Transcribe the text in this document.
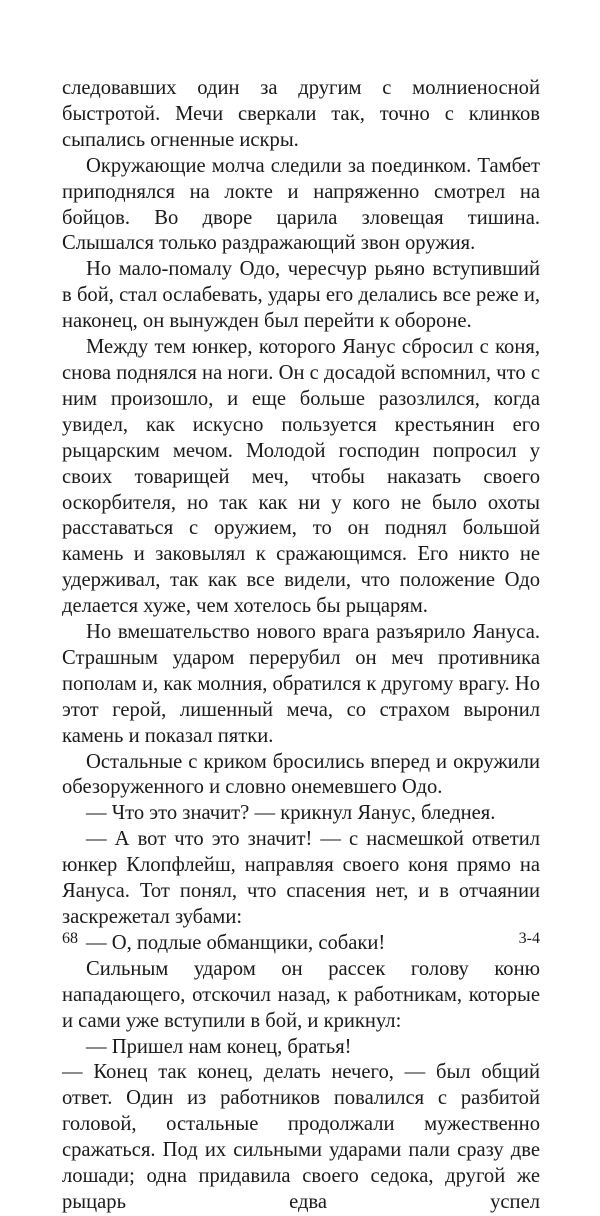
следовавших один за другим с молниеносной быстротой. Мечи сверкали так, точно с клинков сыпались огненные искры.

Окружающие молча следили за поединком. Тамбет приподнялся на локте и напряженно смотрел на бойцов. Во дворе царила зловещая тишина. Слышался только раздражающий звон оружия.

Но мало-помалу Одо, чересчур рьяно вступивший в бой, стал ослабевать, удары его делались все реже и, наконец, он вынужден был перейти к обороне.

Между тем юнкер, которого Яанус сбросил с коня, снова поднялся на ноги. Он с досадой вспомнил, что с ним произошло, и еще больше разозлился, когда увидел, как искусно пользуется крестьянин его рыцарским мечом. Молодой господин попросил у своих товарищей меч, чтобы наказать своего оскорбителя, но так как ни у кого не было охоты расставаться с оружием, то он поднял большой камень и заковылял к сражающимся. Его никто не удерживал, так как все видели, что положение Одо делается хуже, чем хотелось бы рыцарям.

Но вмешательство нового врага разъярило Яануса. Страшным ударом перерубил он меч противника пополам и, как молния, обратился к другому врагу. Но этот герой, лишенный меча, со страхом выронил камень и показал пятки.

Остальные с криком бросились вперед и окружили обезоруженного и словно онемевшего Одо.

— Что это значит? — крикнул Яанус, бледнея.

— А вот что это значит! — с насмешкой ответил юнкер Клопфлейш, направляя своего коня прямо на Яануса. Тот понял, что спасения нет, и в отчаянии заскрежетал зубами:

— О, подлые обманщики, собаки!

Сильным ударом он рассек голову коню нападающего, отскочил назад, к работникам, которые и сами уже вступили в бой, и крикнул:

— Пришел нам конец, братья!

— Конец так конец, делать нечего, — был общий ответ. Один из работников повалился с разбитой головой, остальные продолжали мужественно сражаться. Под их сильными ударами пали сразу две лошади; одна придавила своего седока, другой же рыцарь едва успел

68	3-4
